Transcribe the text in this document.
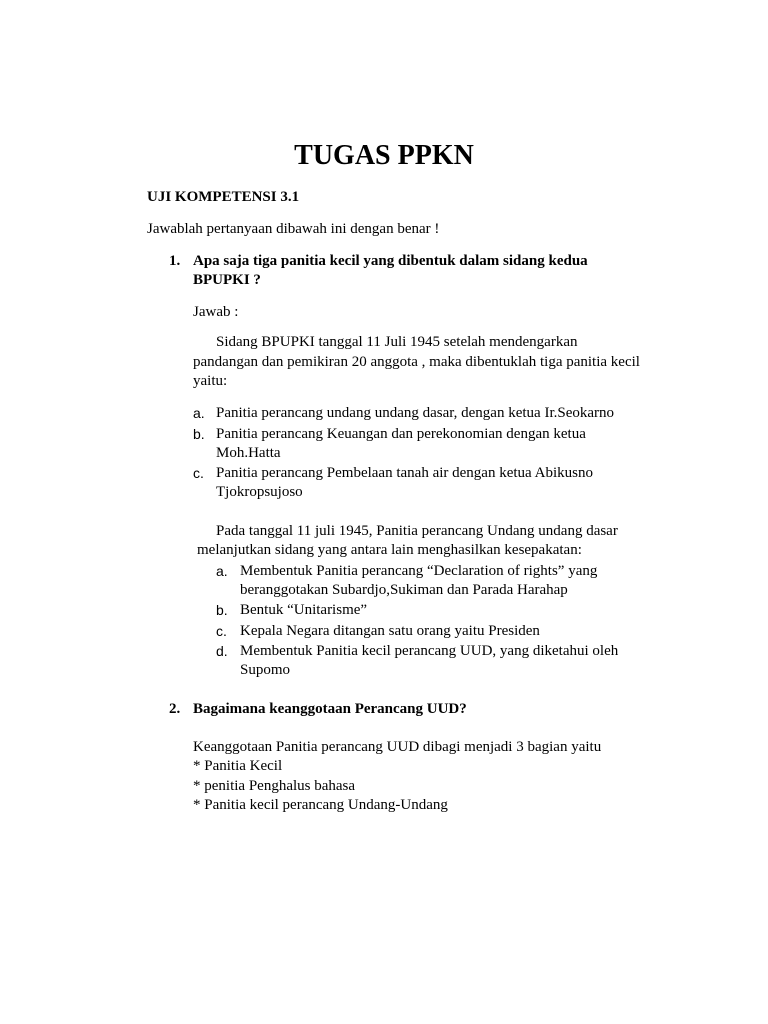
TUGAS PPKN
UJI KOMPETENSI 3.1
Jawablah pertanyaan dibawah ini dengan benar !
1. Apa saja tiga panitia kecil yang dibentuk dalam sidang kedua
BPUPKI ?
Jawab :
Sidang BPUPKI tanggal 11 Juli 1945 setelah mendengarkan
pandangan dan pemikiran 20 anggota , maka dibentuklah tiga panitia kecil
yaitu:
a. Panitia perancang undang undang dasar, dengan ketua Ir.Seokarno
b. Panitia perancang Keuangan dan perekonomian dengan ketua
Moh.Hatta
c. Panitia perancang Pembelaan tanah air dengan ketua Abikusno
Tjokropsujoso
Pada tanggal 11 juli 1945, Panitia perancang Undang undang dasar
melanjutkan sidang yang antara lain menghasilkan kesepakatan:
a. Membentuk Panitia perancang “Declaration of rights” yang
beranggotakan Subardjo,Sukiman dan Parada Harahap
b. Bentuk “Unitarisme”
c. Kepala Negara ditangan satu orang yaitu Presiden
d. Membentuk Panitia kecil perancang UUD, yang diketahui oleh
Supomo
2. Bagaimana keanggotaan Perancang UUD?
Keanggotaan Panitia perancang UUD dibagi menjadi 3 bagian yaitu
* Panitia Kecil
* penitia Penghalus bahasa
* Panitia kecil perancang Undang-Undang
